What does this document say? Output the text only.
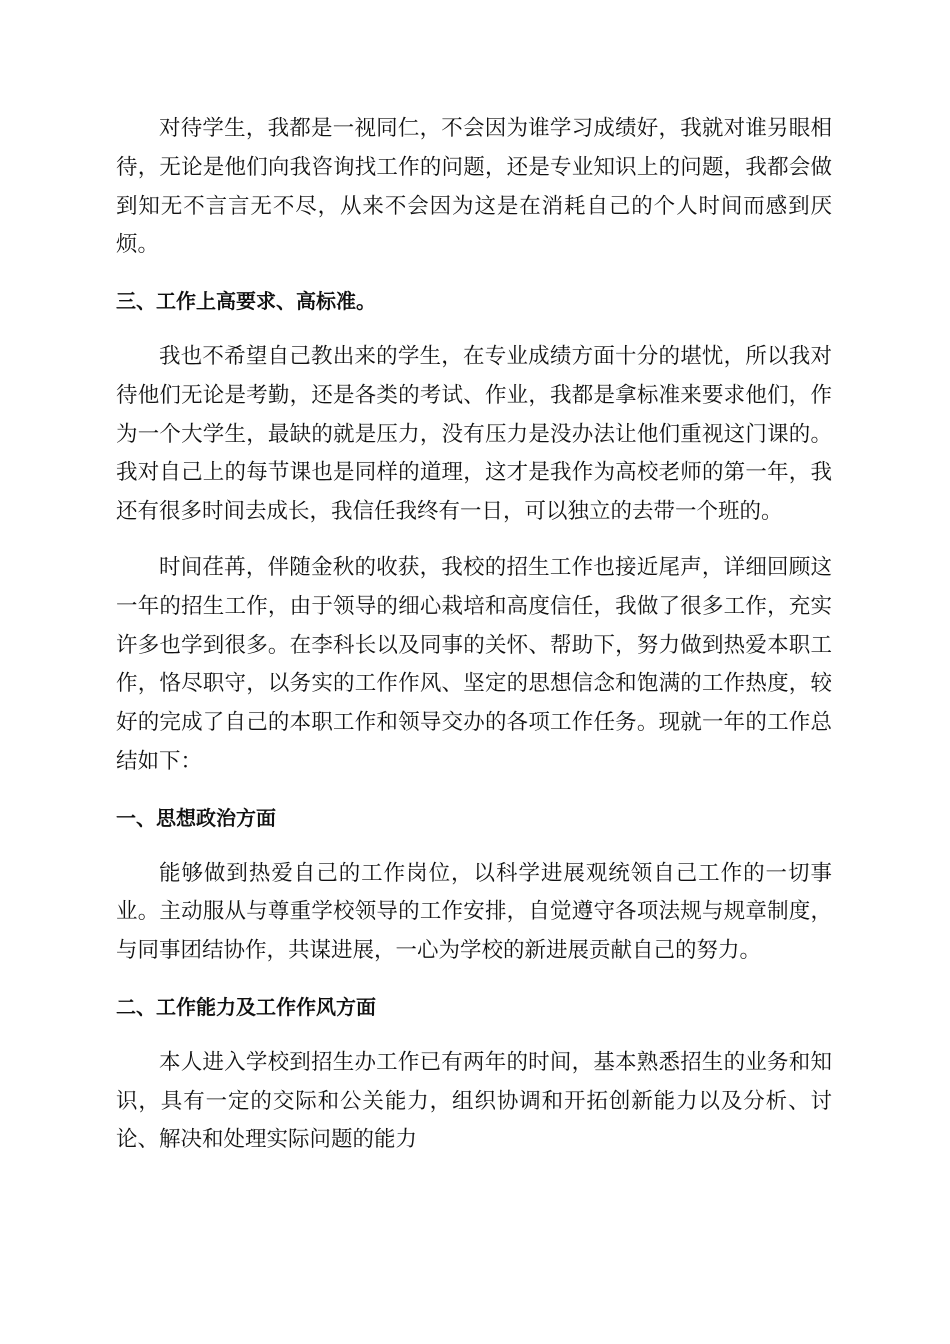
对待学生，我都是一视同仁，不会因为谁学习成绩好，我就对谁另眼相待，无论是他们向我咨询找工作的问题，还是专业知识上的问题，我都会做到知无不言言无不尽，从来不会因为这是在消耗自己的个人时间而感到厌烦。

三、工作上高要求、高标准。

我也不希望自己教出来的学生，在专业成绩方面十分的堪忧，所以我对待他们无论是考勤，还是各类的考试、作业，我都是拿标准来要求他们，作为一个大学生，最缺的就是压力，没有压力是没办法让他们重视这门课的。我对自己上的每节课也是同样的道理，这才是我作为高校老师的第一年，我还有很多时间去成长，我信任我终有一日，可以独立的去带一个班的。

时间荏苒，伴随金秋的收获，我校的招生工作也接近尾声，详细回顾这一年的招生工作，由于领导的细心栽培和高度信任，我做了很多工作，充实许多也学到很多。在李科长以及同事的关怀、帮助下，努力做到热爱本职工作，恪尽职守，以务实的工作作风、坚定的思想信念和饱满的工作热度，较好的完成了自己的本职工作和领导交办的各项工作任务。现就一年的工作总结如下：

一、思想政治方面

能够做到热爱自己的工作岗位，以科学进展观统领自己工作的一切事业。主动服从与尊重学校领导的工作安排，自觉遵守各项法规与规章制度，与同事团结协作，共谋进展，一心为学校的新进展贡献自己的努力。

二、工作能力及工作作风方面

本人进入学校到招生办工作已有两年的时间，基本熟悉招生的业务和知识，具有一定的交际和公关能力，组织协调和开拓创新能力以及分析、讨论、解决和处理实际问题的能力
